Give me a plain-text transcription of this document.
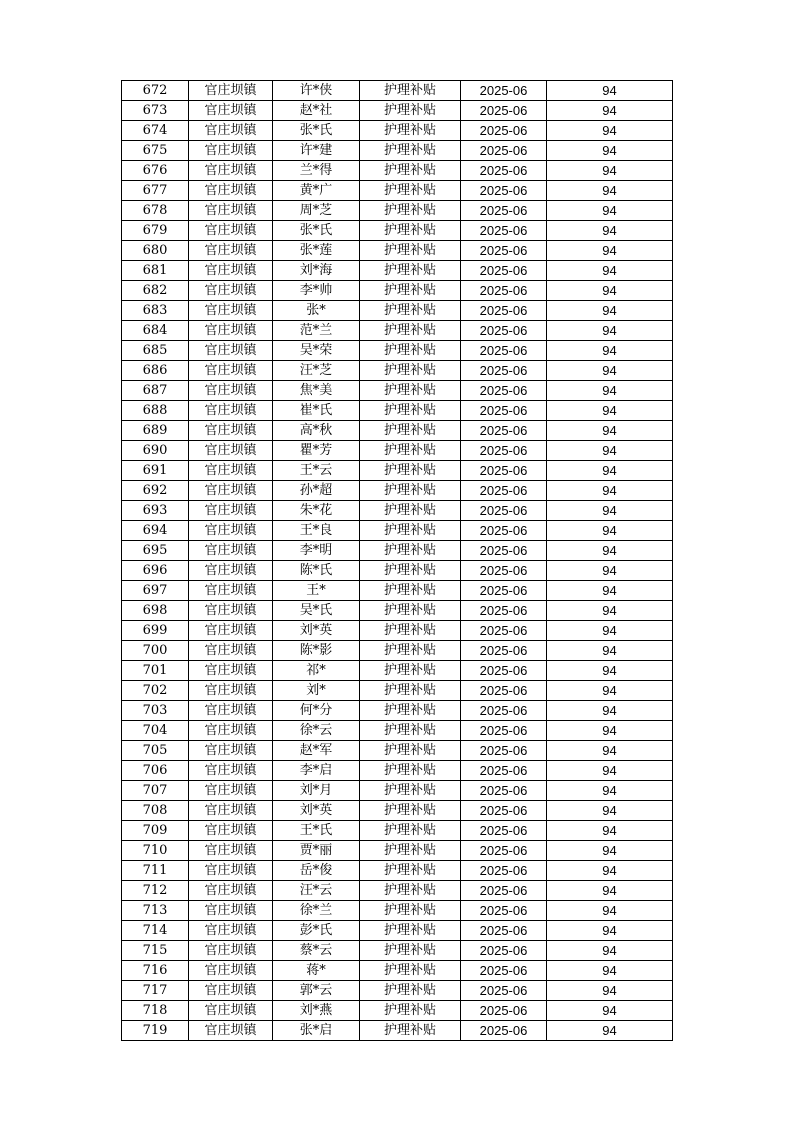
672	官庄坝镇	许*侠	护理补贴	2025-06	94
673	官庄坝镇	赵*社	护理补贴	2025-06	94
674	官庄坝镇	张*氏	护理补贴	2025-06	94
675	官庄坝镇	许*建	护理补贴	2025-06	94
676	官庄坝镇	兰*得	护理补贴	2025-06	94
677	官庄坝镇	黄*广	护理补贴	2025-06	94
678	官庄坝镇	周*芝	护理补贴	2025-06	94
679	官庄坝镇	张*氏	护理补贴	2025-06	94
680	官庄坝镇	张*莲	护理补贴	2025-06	94
681	官庄坝镇	刘*海	护理补贴	2025-06	94
682	官庄坝镇	李*帅	护理补贴	2025-06	94
683	官庄坝镇	张*	护理补贴	2025-06	94
684	官庄坝镇	范*兰	护理补贴	2025-06	94
685	官庄坝镇	吴*荣	护理补贴	2025-06	94
686	官庄坝镇	汪*芝	护理补贴	2025-06	94
687	官庄坝镇	焦*美	护理补贴	2025-06	94
688	官庄坝镇	崔*氏	护理补贴	2025-06	94
689	官庄坝镇	高*秋	护理补贴	2025-06	94
690	官庄坝镇	瞿*芳	护理补贴	2025-06	94
691	官庄坝镇	王*云	护理补贴	2025-06	94
692	官庄坝镇	孙*超	护理补贴	2025-06	94
693	官庄坝镇	朱*花	护理补贴	2025-06	94
694	官庄坝镇	王*良	护理补贴	2025-06	94
695	官庄坝镇	李*明	护理补贴	2025-06	94
696	官庄坝镇	陈*氏	护理补贴	2025-06	94
697	官庄坝镇	王*	护理补贴	2025-06	94
698	官庄坝镇	吴*氏	护理补贴	2025-06	94
699	官庄坝镇	刘*英	护理补贴	2025-06	94
700	官庄坝镇	陈*影	护理补贴	2025-06	94
701	官庄坝镇	祁*	护理补贴	2025-06	94
702	官庄坝镇	刘*	护理补贴	2025-06	94
703	官庄坝镇	何*分	护理补贴	2025-06	94
704	官庄坝镇	徐*云	护理补贴	2025-06	94
705	官庄坝镇	赵*军	护理补贴	2025-06	94
706	官庄坝镇	李*启	护理补贴	2025-06	94
707	官庄坝镇	刘*月	护理补贴	2025-06	94
708	官庄坝镇	刘*英	护理补贴	2025-06	94
709	官庄坝镇	王*氏	护理补贴	2025-06	94
710	官庄坝镇	贾*丽	护理补贴	2025-06	94
711	官庄坝镇	岳*俊	护理补贴	2025-06	94
712	官庄坝镇	汪*云	护理补贴	2025-06	94
713	官庄坝镇	徐*兰	护理补贴	2025-06	94
714	官庄坝镇	彭*氏	护理补贴	2025-06	94
715	官庄坝镇	蔡*云	护理补贴	2025-06	94
716	官庄坝镇	蒋*	护理补贴	2025-06	94
717	官庄坝镇	郭*云	护理补贴	2025-06	94
718	官庄坝镇	刘*燕	护理补贴	2025-06	94
719	官庄坝镇	张*启	护理补贴	2025-06	94
